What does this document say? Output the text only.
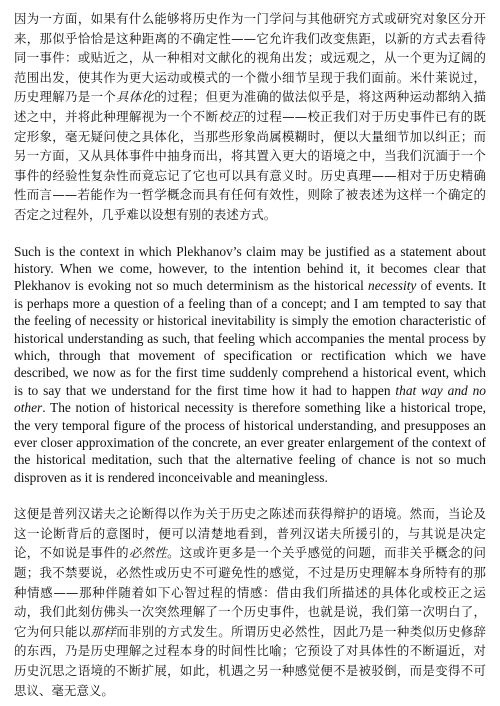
因为一方面，如果有什么能够将历史作为一门学问与其他研究方式或研究对象区分开来，那似乎恰恰是这种距离的不确定性——它允许我们改变焦距，以新的方式去看待同一事件：或贴近之，从一种相对文献化的视角出发；或远观之，从一个更为辽阔的范围出发，使其作为更大运动或模式的一个微小细节呈现于我们面前。米什莱说过，历史理解乃是一个具体化的过程；但更为准确的做法似乎是，将这两种运动都纳入描述之中，并将此种理解视为一个不断校正的过程——校正我们对于历史事件已有的既定形象，毫无疑问使之具体化，当那些形象尚属模糊时，便以大量细节加以纠正；而另一方面，又从具体事件中抽身而出，将其置入更大的语境之中，当我们沉湎于一个事件的经验性复杂性而竟忘记了它也可以具有意义时。历史真理——相对于历史精确性而言——若能作为一哲学概念而具有任何有效性，则除了被表述为这样一个确定的否定之过程外，几乎难以设想有别的表述方式。

Such is the context in which Plekhanov’s claim may be justified as a statement about history. When we come, however, to the intention behind it, it becomes clear that Plekhanov is evoking not so much determinism as the historical necessity of events. It is perhaps more a question of a feeling than of a concept; and I am tempted to say that the feeling of necessity or historical inevitability is simply the emotion characteristic of historical understanding as such, that feeling which accompanies the mental process by which, through that movement of specification or rectification which we have described, we now as for the first time suddenly comprehend a historical event, which is to say that we understand for the first time how it had to happen that way and no other. The notion of historical necessity is therefore something like a historical trope, the very temporal figure of the process of historical understanding, and presupposes an ever closer approximation of the concrete, an ever greater enlargement of the context of the historical meditation, such that the alternative feeling of chance is not so much disproven as it is rendered inconceivable and meaningless.

这便是普列汉诺夫之论断得以作为关于历史之陈述而获得辩护的语境。然而，当论及这一论断背后的意图时，便可以清楚地看到，普列汉诺夫所援引的，与其说是决定论，不如说是事件的必然性。这或许更多是一个关乎感觉的问题，而非关乎概念的问题；我不禁要说，必然性或历史不可避免性的感觉，不过是历史理解本身所特有的那种情感——那种伴随着如下心智过程的情感：借由我们所描述的具体化或校正之运动，我们此刻仿佛头一次突然理解了一个历史事件，也就是说，我们第一次明白了，它为何只能以那样而非别的方式发生。所谓历史必然性，因此乃是一种类似历史修辞的东西，乃是历史理解之过程本身的时间性比喻；它预设了对具体性的不断逼近，对历史沉思之语境的不断扩展，如此，机遇之另一种感觉便不是被驳倒，而是变得不可思议、毫无意义。
